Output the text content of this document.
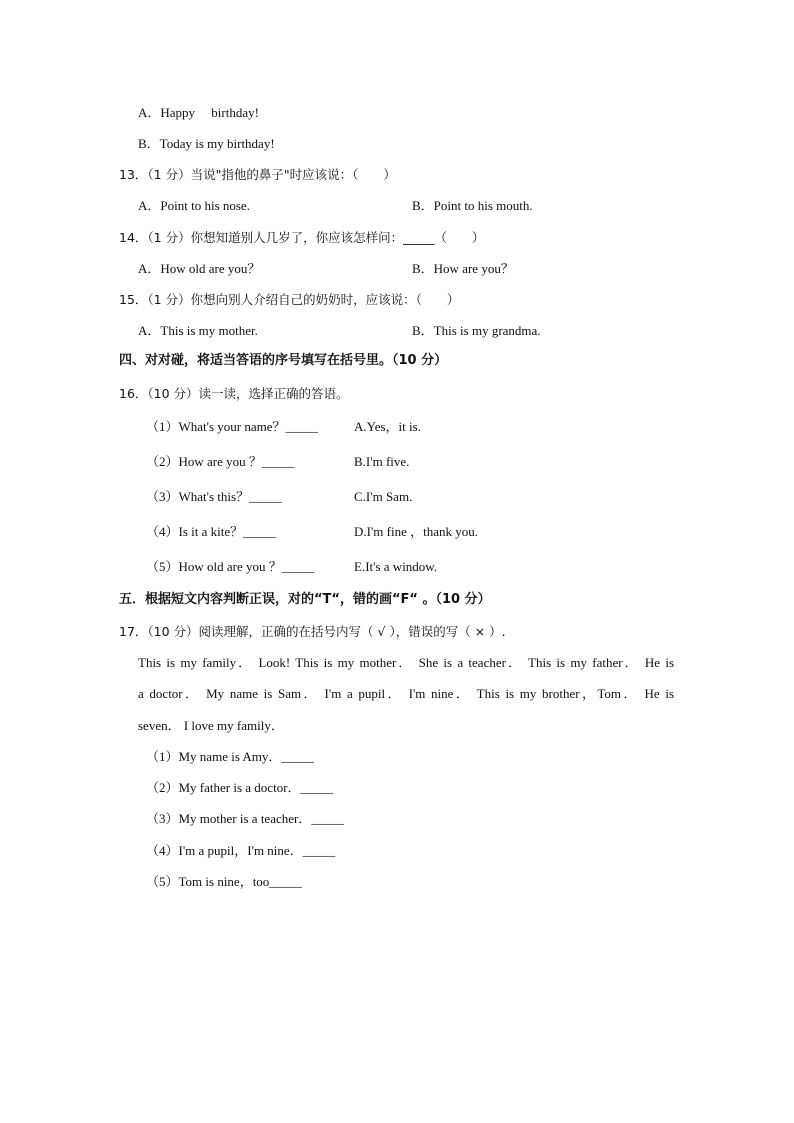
A．Happy　 birthday!
B．Today is my birthday!
13．（1 分）当说"指他的鼻子"时应该说：（　　）
A．Point to his nose.	B．Point to his mouth.
14．（1 分）你想知道别人几岁了，你应该怎样问：_____（　　）
A．How old are you？	B．How are you？
15．（1 分）你想向别人介绍自己的奶奶时，应该说：（　　）
A．This is my mother.	B．This is my grandma.
四、对对碰，将适当答语的序号填写在括号里。（10 分）
16．（10 分）读一读，选择正确的答语。
（1）What's your name？_____	A.Yes，it is.
（2）How are you ？_____	B.I'm five.
（3）What's this？_____	C.I'm Sam.
（4）Is it a kite？_____	D.I'm fine ，thank you.
（5）How old are you ？_____	E.It's a window.
五．根据短文内容判断正误，对的“T“，错的画“F“ 。（10 分）
17．（10 分）阅读理解，正确的在括号内写（ √ ），错误的写（ × ）.
This is my family． Look! This is my mother． She is a teacher． This is my father． He is
a doctor． My name is Sam． I'm a pupil． I'm nine． This is my brother，Tom． He is
seven． I love my family．
（1）My name is Amy．_____
（2）My father is a doctor．_____
（3）My mother is a teacher．_____
（4）I'm a pupil，I'm nine．_____
（5）Tom is nine，too_____
